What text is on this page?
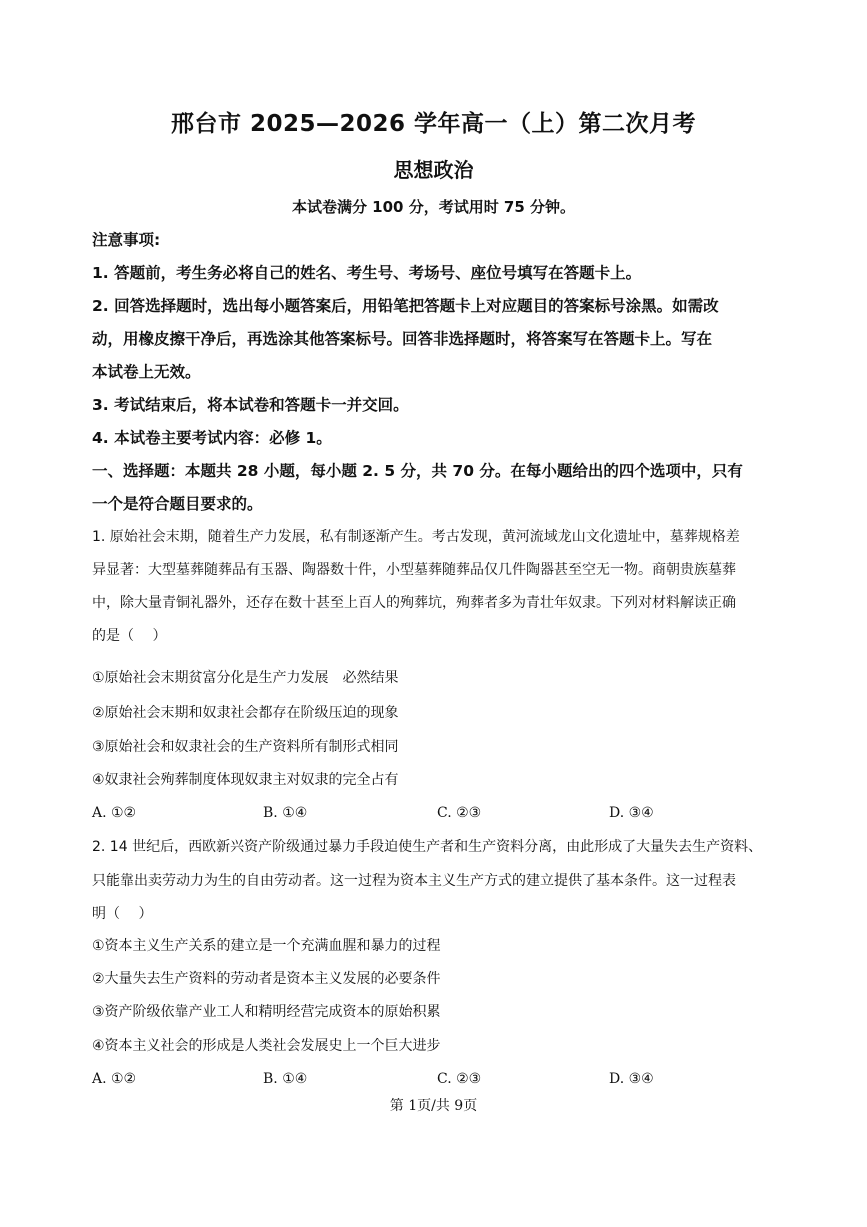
邢台市 2025—2026 学年高一（上）第二次月考
思想政治
本试卷满分 100 分，考试用时 75 分钟。
注意事项:
1. 答题前，考生务必将自己的姓名、考生号、考场号、座位号填写在答题卡上。
2. 回答选择题时，选出每小题答案后，用铅笔把答题卡上对应题目的答案标号涂黑。如需改
动，用橡皮擦干净后，再选涂其他答案标号。回答非选择题时，将答案写在答题卡上。写在
本试卷上无效。
3. 考试结束后，将本试卷和答题卡一并交回。
4. 本试卷主要考试内容：必修 1。
一、选择题：本题共 28 小题，每小题 2. 5 分，共 70 分。在每小题给出的四个选项中，只有
一个是符合题目要求的。
1. 原始社会末期，随着生产力发展，私有制逐渐产生。考古发现，黄河流域龙山文化遗址中，墓葬规格差
异显著：大型墓葬随葬品有玉器、陶器数十件，小型墓葬随葬品仅几件陶器甚至空无一物。商朝贵族墓葬
中，除大量青铜礼器外，还存在数十甚至上百人的殉葬坑，殉葬者多为青壮年奴隶。下列对材料解读正确
的是（　 ）
①原始社会末期贫富分化是生产力发展　必然结果
②原始社会末期和奴隶社会都存在阶级压迫的现象
③原始社会和奴隶社会的生产资料所有制形式相同
④奴隶社会殉葬制度体现奴隶主对奴隶的完全占有
A. ①②	B. ①④	C. ②③	D. ③④
2. 14 世纪后，西欧新兴资产阶级通过暴力手段迫使生产者和生产资料分离，由此形成了大量失去生产资料、
只能靠出卖劳动力为生的自由劳动者。这一过程为资本主义生产方式的建立提供了基本条件。这一过程表
明（　 ）
①资本主义生产关系的建立是一个充满血腥和暴力的过程
②大量失去生产资料的劳动者是资本主义发展的必要条件
③资产阶级依靠产业工人和精明经营完成资本的原始积累
④资本主义社会的形成是人类社会发展史上一个巨大进步
A. ①②	B. ①④	C. ②③	D. ③④
第 1页/共 9页
